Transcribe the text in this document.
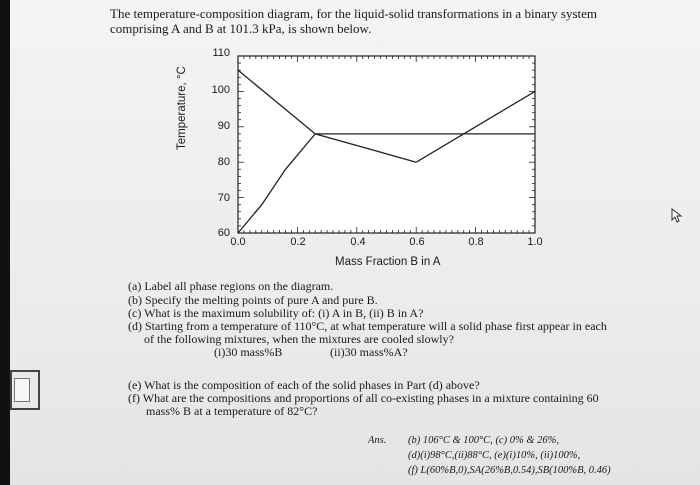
The temperature-composition diagram, for the liquid-solid transformations in a binary system
comprising A and B at 101.3 kPa, is shown below.
110
100
90
80
70
60
0.0	0.2	0.4	0.6	0.8	1.0
Temperature, °C
Mass Fraction B in A
(a) Label all phase regions on the diagram.
(b) Specify the melting points of pure A and pure B.
(c) What is the maximum solubility of: (i) A in B, (ii) B in A?
(d) Starting from a temperature of 110°C, at what temperature will a solid phase first appear in each
of the following mixtures, when the mixtures are cooled slowly?
(i)30 mass%B	(ii)30 mass%A?
(e) What is the composition of each of the solid phases in Part (d) above?
(f) What are the compositions and proportions of all co-existing phases in a mixture containing 60
mass% B at a temperature of 82°C?
Ans. (b) 106°C & 100°C, (c) 0% & 26%,
(d)(i)98°C,(ii)88°C, (e)(i)10%, (ii)100%,
(f) L(60%B,0),SA(26%B,0.54),SB(100%B, 0.46)
